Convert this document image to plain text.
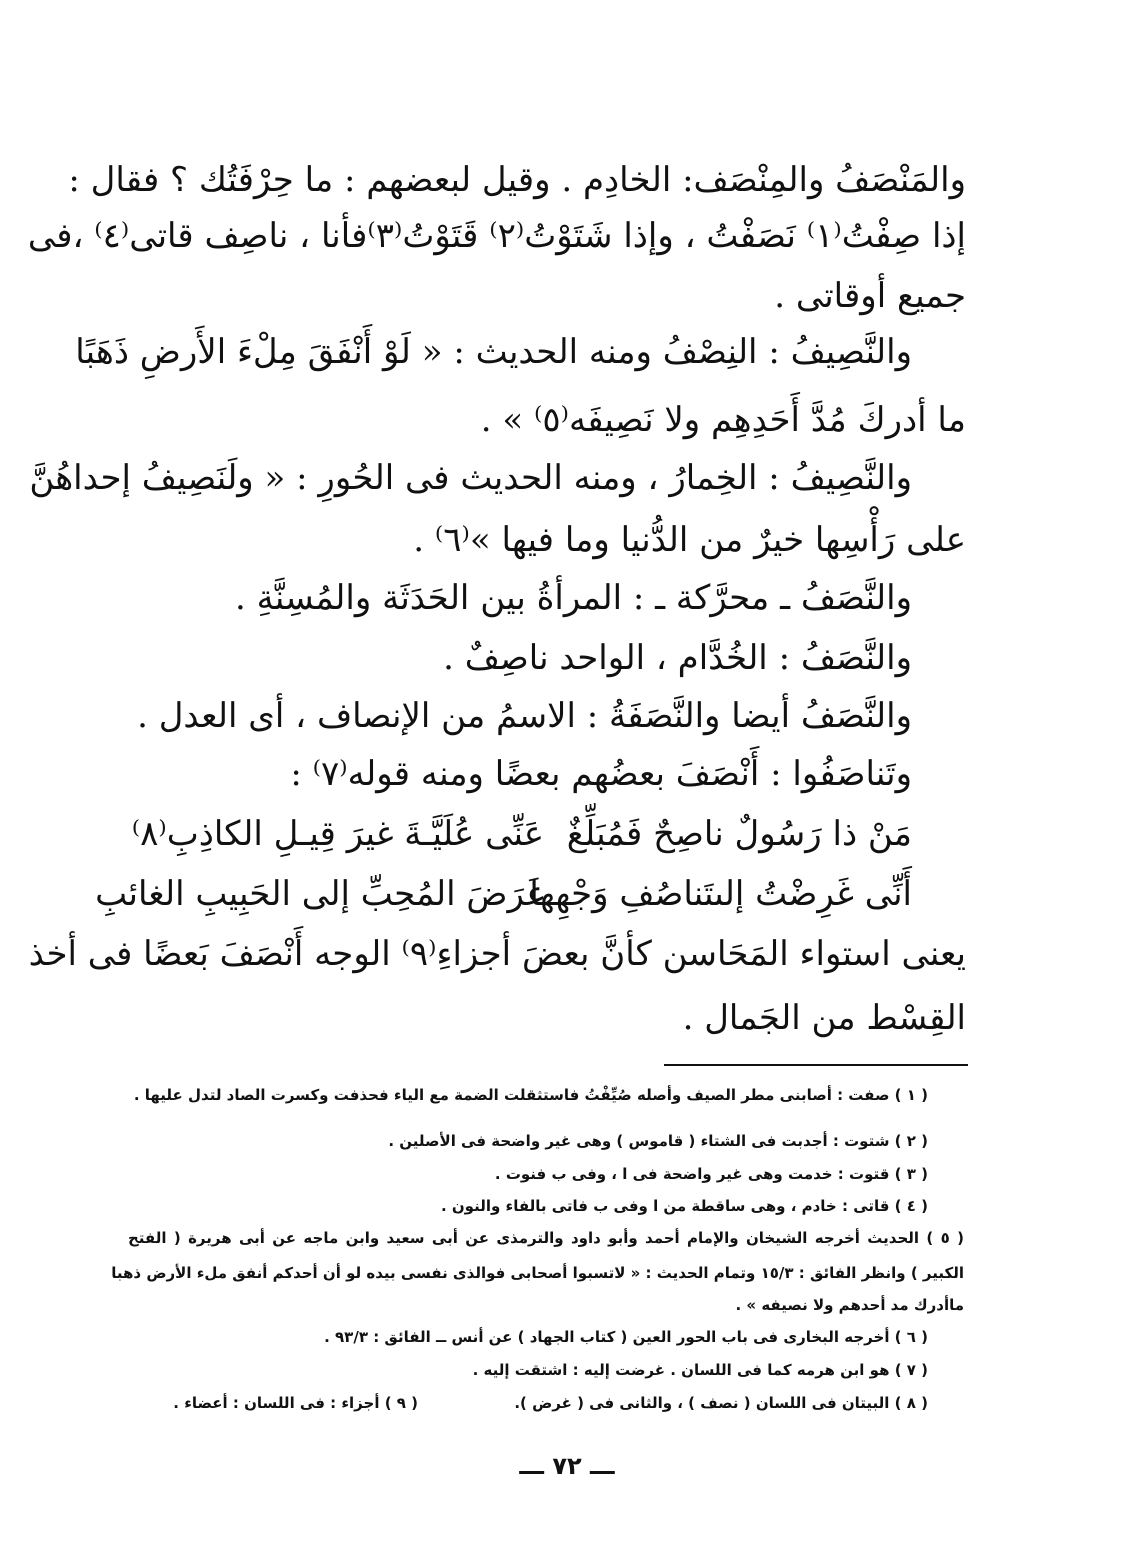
والمَنْصَفُ والمِنْصَف: الخادِم . وقيل لبعضهم : ما حِرْفَتُك ؟ فقال :
إذا صِفْتُ⁽١⁾ نَصَفْتُ ، وإذا شَتَوْتُ⁽٢⁾ قَتَوْتُ⁽٣⁾فأنا ، ناصِف قاتى⁽٤⁾ ،فى
جميع أوقاتى .
والنَّصِيفُ : النِصْفُ ومنه الحديث : « لَوْ أَنْفَقَ مِلْءَ الأَرضِ ذَهَبًا
ما أدركَ مُدَّ أَحَدِهِم ولا نَصِيفَه⁽٥⁾ » .
والنَّصِيفُ : الخِمارُ ، ومنه الحديث فى الحُورِ : « ولَنَصِيفُ إحداهُنَّ
على رَأْسِها خيرٌ من الدُّنيا وما فيها »⁽٦⁾ .
والنَّصَفُ ـ محرَّكة ـ : المرأةُ بين الحَدَثَة والمُسِنَّةِ .
والنَّصَفُ : الخُدَّام ، الواحد ناصِفٌ .
والنَّصَفُ أيضا والنَّصَفَةُ : الاسمُ من الإنصاف ، أى العدل .
وتَناصَفُوا : أَنْصَفَ بعضُهم بعضًا ومنه قوله⁽٧⁾ :
مَنْ ذا رَسُولٌ ناصِحٌ فَمُبَلِّغٌ
عَنِّى عُلَيَّـةَ غيرَ قِيـلِ الكاذِبِ⁽٨⁾
أَنِّى غَرِضْتُ إلىتَناصُفِ وَجْهِها
غَرَضَ المُحِبِّ إلى الحَبِيبِ الغائبِ
يعنى استواء المَحَاسن كأنَّ بعضَ أجزاءِ⁽٩⁾ الوجه أَنْصَفَ بَعضًا فى أخذ
القِسْط من الجَمال .
( ١ ) صفت : أصابنى مطر الصيف وأصله صُيِّفْتُ فاستثقلت الضمة مع الياء فحذفت وكسرت الصاد لتدل عليها .
( ٢ ) شتوت : أجدبت فى الشتاء ( قاموس ) وهى غير واضحة فى الأصلين .
( ٣ ) قتوت : خدمت وهى غير واضحة فى ا ، وفى ب فنوت .
( ٤ ) قاتى : خادم ، وهى ساقطة من ا وفى ب فاتى بالفاء والنون .
( ٥ ) الحديث أخرجه الشيخان والإمام أحمد وأبو داود والترمذى عن أبى سعيد وابن ماجه عن أبى هريرة ( الفتح
الكبير ) وانظر الفائق : ١٥/٣ وتمام الحديث : « لاتسبوا أصحابى فوالذى نفسى بيده لو أن أحدكم أنفق ملء الأرض ذهبا
ماأدرك مد أحدهم ولا نصيفه » .
( ٦ ) أخرجه البخارى فى باب الحور العين ( كتاب الجهاد ) عن أنس ــ الفائق : ٩٣/٣ .
( ٧ ) هو ابن هرمه كما فى اللسان . غرضت إليه : اشتقت إليه .
( ٨ ) البيتان فى اللسان ( نصف ) ، والثانى فى ( غرض ).
( ٩ ) أجزاء : فى اللسان : أعضاء .
ـــ ٧٢ ـــ
